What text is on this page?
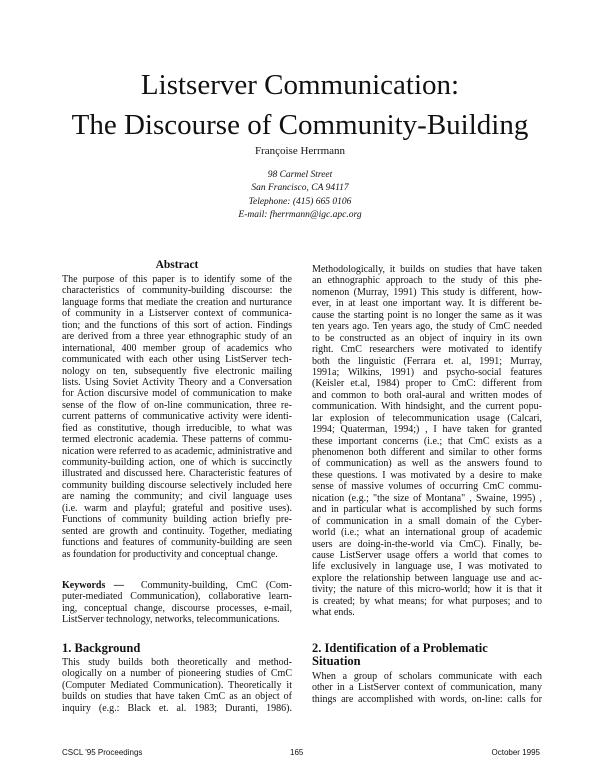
Listserver Communication:
The Discourse of Community-Building
Françoise Herrmann
98 Carmel Street
San Francisco, CA 94117
Telephone: (415) 665 0106
E-mail: fherrmann@igc.apc.org
Abstract
The purpose of this paper is to identify some of the
characteristics of community-building discourse: the
language forms that mediate the creation and nurturance
of community in a Listserver context of communica-
tion; and the functions of this sort of action. Findings
are derived from a three year ethnographic study of an
international, 400 member group of academics who
communicated with each other using ListServer tech-
nology on ten, subsequently five electronic mailing
lists. Using Soviet Activity Theory and a Conversation
for Action discursive model of communication to make
sense of the flow of on-line communication, three re-
current patterns of communicative activity were identi-
fied as constitutive, though irreducible, to what was
termed electronic academia. These patterns of commu-
nication were referred to as academic, administrative and
community-building action, one of which is succinctly
illustrated and discussed here. Characteristic features of
community building discourse selectively included here
are naming the community; and civil language uses
(i.e. warm and playful; grateful and positive uses).
Functions of community building action briefly pre-
sented are growth and continuity. Together, mediating
functions and features of community-building are seen
as foundation for productivity and conceptual change.
Keywords — Community-building, CmC (Com-
puter-mediated Communication), collaborative learn-
ing, conceptual change, discourse processes, e-mail,
ListServer technology, networks, telecommunications.
1. Background
This study builds both theoretically and method-
ologically on a number of pioneering studies of CmC
(Computer Mediated Communication). Theoretically it
builds on studies that have taken CmC as an object of
inquiry (e.g.: Black et. al. 1983; Duranti, 1986).
Methodologically, it builds on studies that have taken
an ethnographic approach to the study of this phe-
nomenon (Murray, 1991) This study is different, how-
ever, in at least one important way. It is different be-
cause the starting point is no longer the same as it was
ten years ago. Ten years ago, the study of CmC needed
to be constructed as an object of inquiry in its own
right. CmC researchers were motivated to identify
both the linguistic (Ferrara et. al, 1991; Murray,
1991a; Wilkins, 1991) and psycho-social features
(Keisler et.al, 1984) proper to CmC: different from
and common to both oral-aural and written modes of
communication. With hindsight, and the current popu-
lar explosion of telecommunication usage (Calcari,
1994; Quaterman, 1994;) , I have taken for granted
these important concerns (i.e.; that CmC exists as a
phenomenon both different and similar to other forms
of communication) as well as the answers found to
these questions. I was motivated by a desire to make
sense of massive volumes of occurring CmC commu-
nication (e.g.; "the size of Montana" , Swaine, 1995) ,
and in particular what is accomplished by such forms
of communication in a small domain of the Cyber-
world (i.e.; what an international group of academic
users are doing-in-the-world via CmC). Finally, be-
cause ListServer usage offers a world that comes to
life exclusively in language use, I was motivated to
explore the relationship between language use and ac-
tivity; the nature of this micro-world; how it is that it
is created; by what means; for what purposes; and to
what ends.
2. Identification of a Problematic
Situation
When a group of scholars communicate with each
other in a ListServer context of communication, many
things are accomplished with words, on-line: calls for
CSCL '95 Proceedings	165	October 1995
